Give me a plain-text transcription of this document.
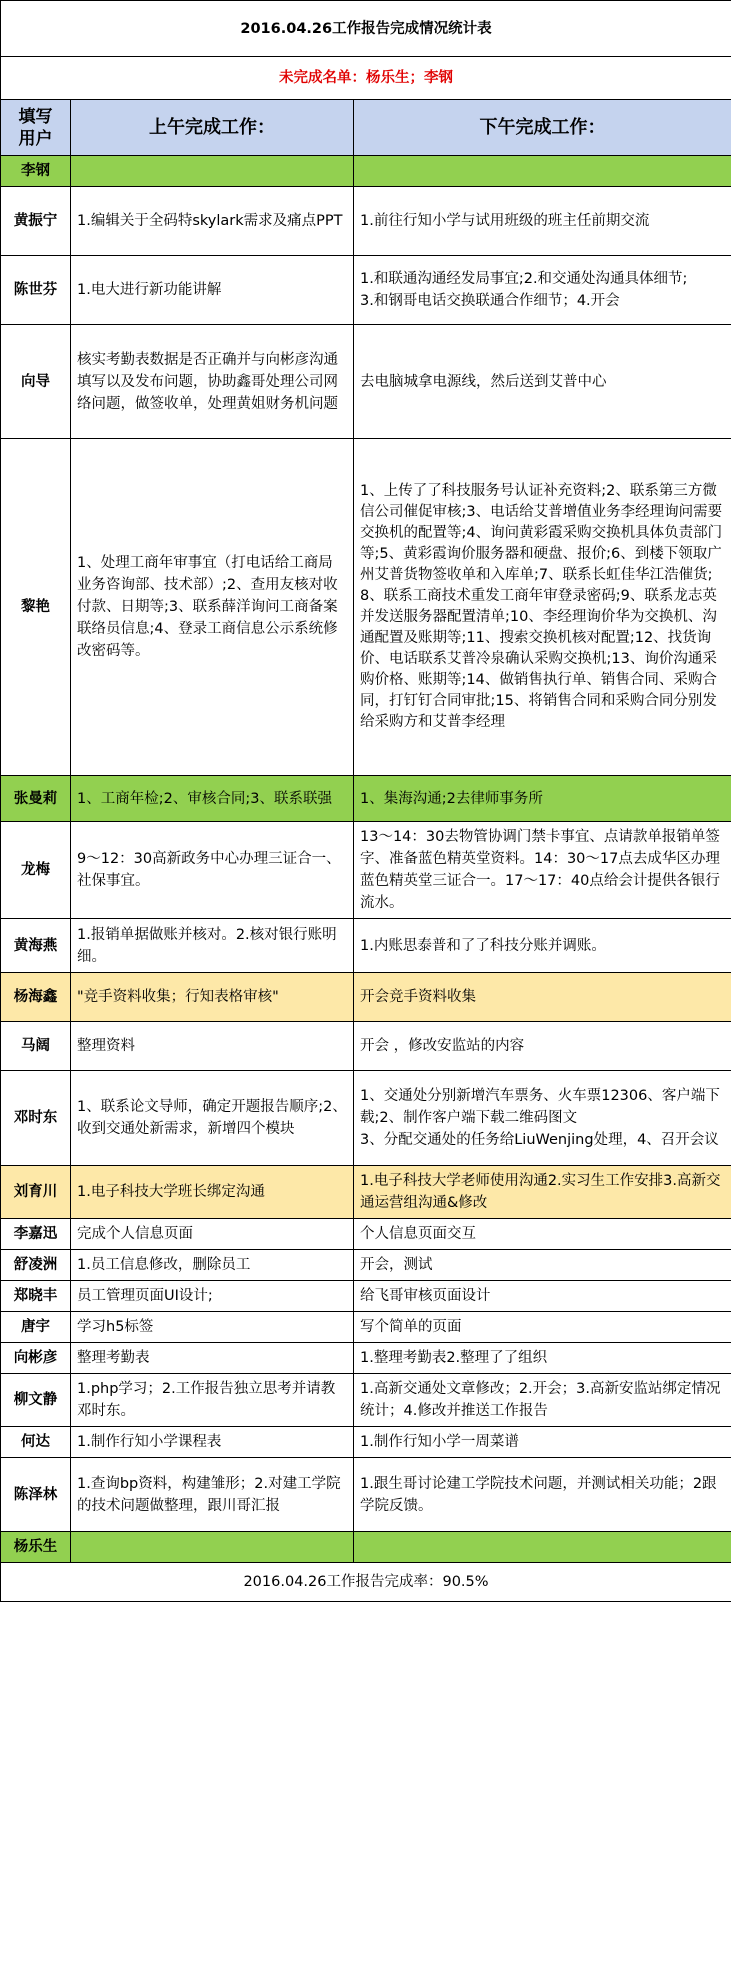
2016.04.26工作报告完成情况统计表		
未完成名单：杨乐生；李钢		
填写
用户	上午完成工作：	下午完成工作：
李钢		
黄振宁	1.编辑关于全码特skylark需求及痛点PPT	1.前往行知小学与试用班级的班主任前期交流
陈世芬	1.电大进行新功能讲解	1.和联通沟通经发局事宜;2.和交通处沟通具体细节;
3.和钢哥电话交换联通合作细节；4.开会
向导	核实考勤表数据是否正确并与向彬彦沟通填写以及发布问题，协助鑫哥处理公司网络问题，做签收单，处理黄姐财务机问题	去电脑城拿电源线，然后送到艾普中心
黎艳	1、处理工商年审事宜（打电话给工商局业务咨询部、技术部）;2、查用友核对收付款、日期等;3、联系薛洋询问工商备案联络员信息;4、登录工商信息公示系统修改密码等。	1、上传了了科技服务号认证补充资料;2、联系第三方微信公司催促审核;3、电话给艾普增值业务李经理询问需要交换机的配置等;4、询问黄彩霞采购交换机具体负责部门等;5、黄彩霞询价服务器和硬盘、报价;6、到楼下领取广州艾普货物签收单和入库单;7、联系长虹佳华江浩催货;8、联系工商技术重发工商年审登录密码;9、联系龙志英并发送服务器配置清单;10、李经理询价华为交换机、沟通配置及账期等;11、搜索交换机核对配置;12、找货询价、电话联系艾普冷泉确认采购交换机;13、询价沟通采购价格、账期等;14、做销售执行单、销售合同、采购合同，打钉钉合同审批;15、将销售合同和采购合同分别发给采购方和艾普李经理
张曼莉	1、工商年检;2、审核合同;3、联系联强	1、集海沟通;2去律师事务所
龙梅	9～12：30高新政务中心办理三证合一、社保事宜。	13～14：30去物管协调门禁卡事宜、点请款单报销单签字、准备蓝色精英堂资料。14：30～17点去成华区办理蓝色精英堂三证合一。17～17：40点给会计提供各银行流水。
黄海燕	1.报销单据做账并核对。2.核对银行账明细。	1.内账思泰普和了了科技分账并调账。
杨海鑫	"竞手资料收集；行知表格审核"	开会竞手资料收集
马阔	整理资料	开会 ，修改安监站的内容
邓时东	1、联系论文导师，确定开题报告顺序;2、收到交通处新需求，新增四个模块	1、交通处分别新增汽车票务、火车票12306、客户端下载;2、制作客户端下载二维码图文
3、分配交通处的任务给LiuWenjing处理，4、召开会议
刘育川	1.电子科技大学班长绑定沟通	1.电子科技大学老师使用沟通2.实习生工作安排3.高新交通运营组沟通&修改
李嘉迅	完成个人信息页面	个人信息页面交互
舒凌洲	1.员工信息修改，删除员工	开会，测试
郑晓丰	员工管理页面UI设计;	给飞哥审核页面设计
唐宇	学习h5标签	写个简单的页面
向彬彦	整理考勤表	1.整理考勤表2.整理了了组织
柳文静	1.php学习；2.工作报告独立思考并请教邓时东。	1.高新交通处文章修改；2.开会；3.高新安监站绑定情况统计；4.修改并推送工作报告
何达	1.制作行知小学课程表	1.制作行知小学一周菜谱
陈泽林	1.查询bp资料，构建雏形；2.对建工学院的技术问题做整理，跟川哥汇报	1.跟生哥讨论建工学院技术问题，并测试相关功能；2跟学院反馈。
杨乐生		
2016.04.26工作报告完成率：90.5%		
